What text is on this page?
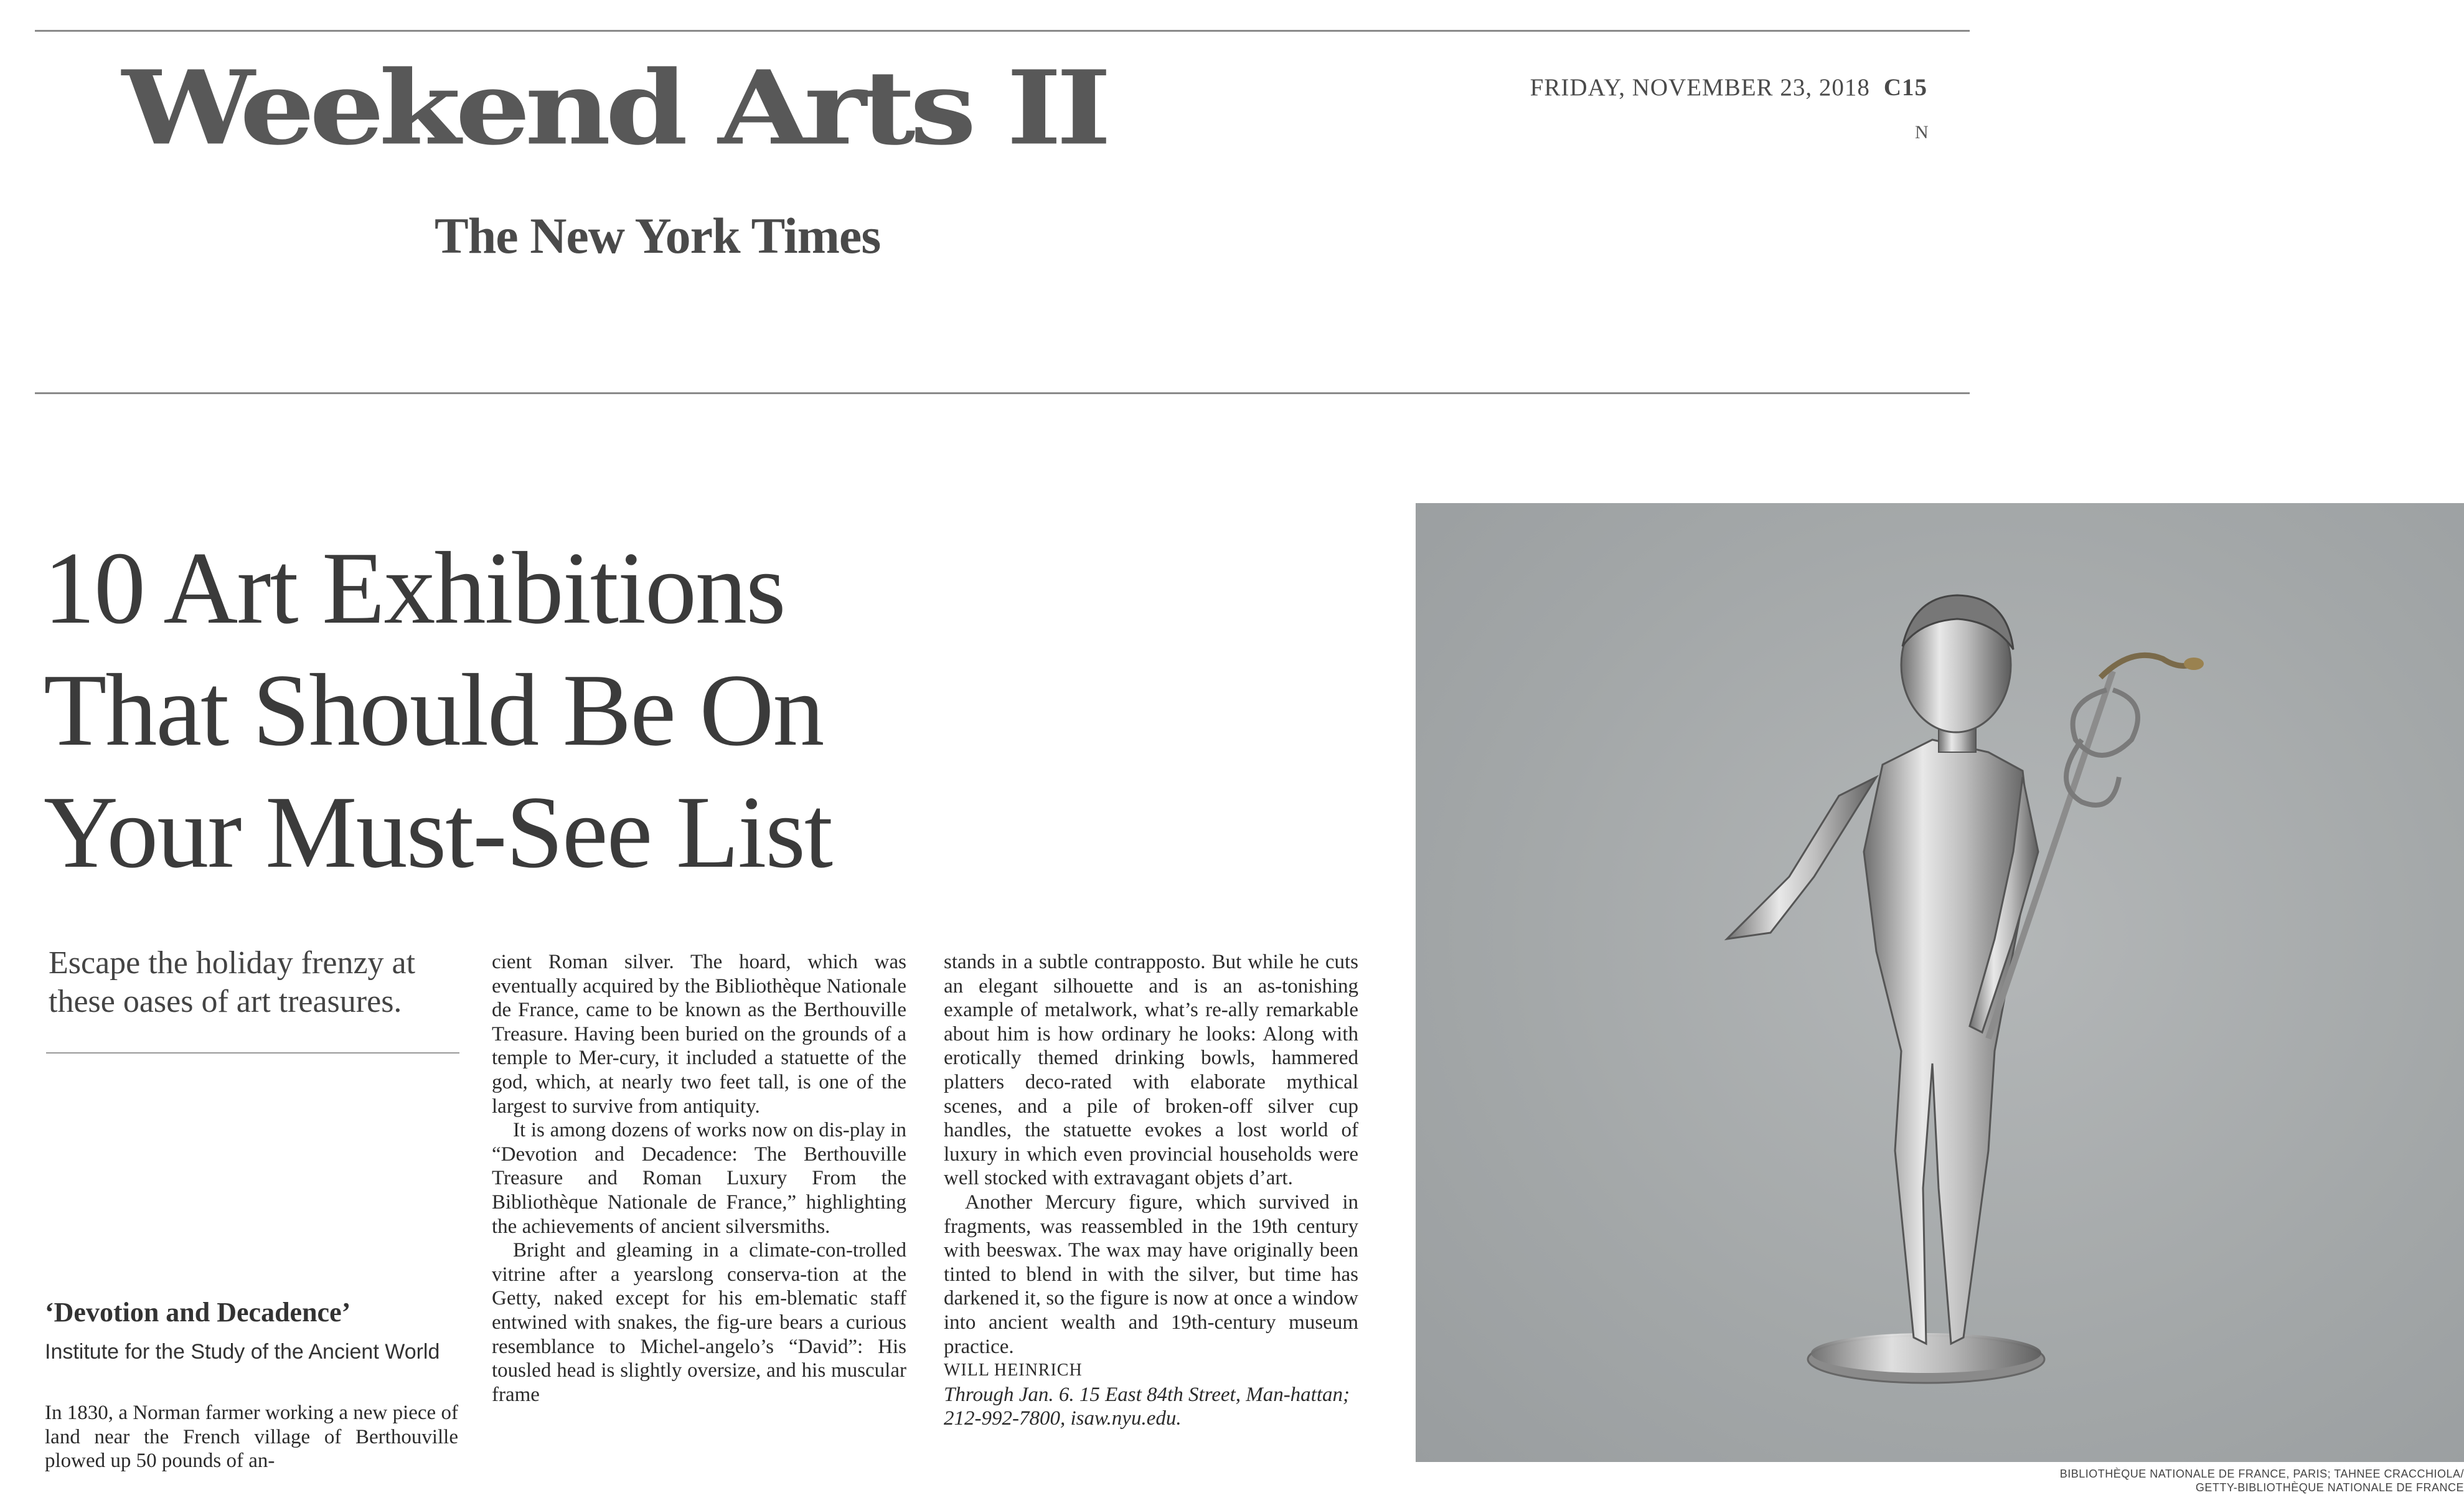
Weekend Arts II
The New York Times
FRIDAY, NOVEMBER 23, 2018 C15
N
10 Art Exhibitions
That Should Be On
Your Must-See List
Escape the holiday frenzy at
these oases of art treasures.
‘Devotion and Decadence’
Institute for the Study of the Ancient World

In 1830, a Norman farmer working a new piece of land near the French village of Berthouville plowed up 50 pounds of an-

cient Roman silver. The hoard, which was eventually acquired by the Bibliothèque Nationale de France, came to be known as the Berthouville Treasure. Having been buried on the grounds of a temple to Mer-cury, it included a statuette of the god, which, at nearly two feet tall, is one of the largest to survive from antiquity.

It is among dozens of works now on dis-play in “Devotion and Decadence: The Berthouville Treasure and Roman Luxury From the Bibliothèque Nationale de France,” highlighting the achievements of ancient silversmiths.

Bright and gleaming in a climate-con-trolled vitrine after a yearslong conserva-tion at the Getty, naked except for his em-blematic staff entwined with snakes, the fig-ure bears a curious resemblance to Michel-angelo’s “David”: His tousled head is slightly oversize, and his muscular frame

stands in a subtle contrapposto. But while he cuts an elegant silhouette and is an as-tonishing example of metalwork, what’s re-ally remarkable about him is how ordinary he looks: Along with erotically themed drinking bowls, hammered platters deco-rated with elaborate mythical scenes, and a pile of broken-off silver cup handles, the statuette evokes a lost world of luxury in which even provincial households were well stocked with extravagant objets d’art.

Another Mercury figure, which survived in fragments, was reassembled in the 19th century with beeswax. The wax may have originally been tinted to blend in with the silver, but time has darkened it, so the figure is now at once a window into ancient wealth and 19th-century museum practice.

WILL HEINRICH

Through Jan. 6. 15 East 84th Street, Man-hattan; 212-992-7800, isaw.nyu.edu.

BIBLIOTHÈQUE NATIONALE DE FRANCE, PARIS; TAHNEE CRACCHIOLA/
GETTY-BIBLIOTHÈQUE NATIONALE DE FRANCE
